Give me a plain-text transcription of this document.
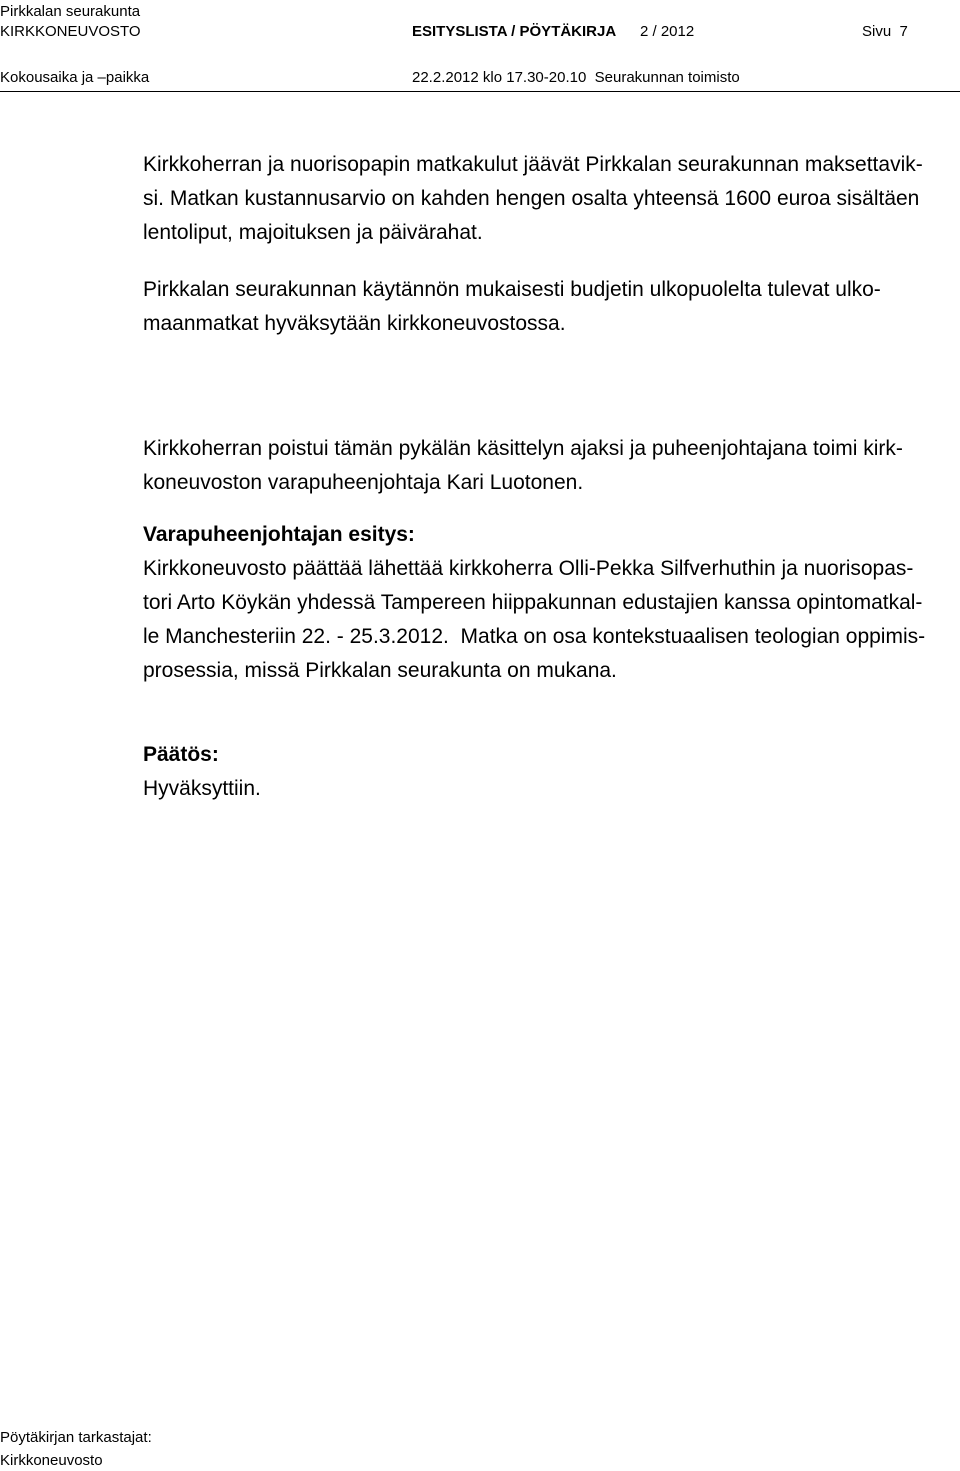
Pirkkalan seurakunta
KIRKKONEUVOSTO	ESITYSLISTA / PÖYTÄKIRJA 2 / 2012	Sivu  7
Kokousaika ja –paikka	22.2.2012 klo 17.30-20.10  Seurakunnan toimisto

Kirkkoherran ja nuorisopapin matkakulut jäävät Pirkkalan seurakunnan maksettavik-
si. Matkan kustannusarvio on kahden hengen osalta yhteensä 1600 euroa sisältäen
lentoliput, majoituksen ja päivärahat.

Pirkkalan seurakunnan käytännön mukaisesti budjetin ulkopuolelta tulevat ulko-
maanmatkat hyväksytään kirkkoneuvostossa.

Kirkkoherran poistui tämän pykälän käsittelyn ajaksi ja puheenjohtajana toimi kirk-
koneuvoston varapuheenjohtaja Kari Luotonen.

Varapuheenjohtajan esitys:
Kirkkoneuvosto päättää lähettää kirkkoherra Olli-Pekka Silfverhuthin ja nuorisopas-
tori Arto Köykän yhdessä Tampereen hiippakunnan edustajien kanssa opintomatkal-
le Manchesteriin 22. - 25.3.2012.  Matka on osa kontekstuaalisen teologian oppimis-
prosessia, missä Pirkkalan seurakunta on mukana.

Päätös:
Hyväksyttiin.

Pöytäkirjan tarkastajat:
Kirkkoneuvosto
